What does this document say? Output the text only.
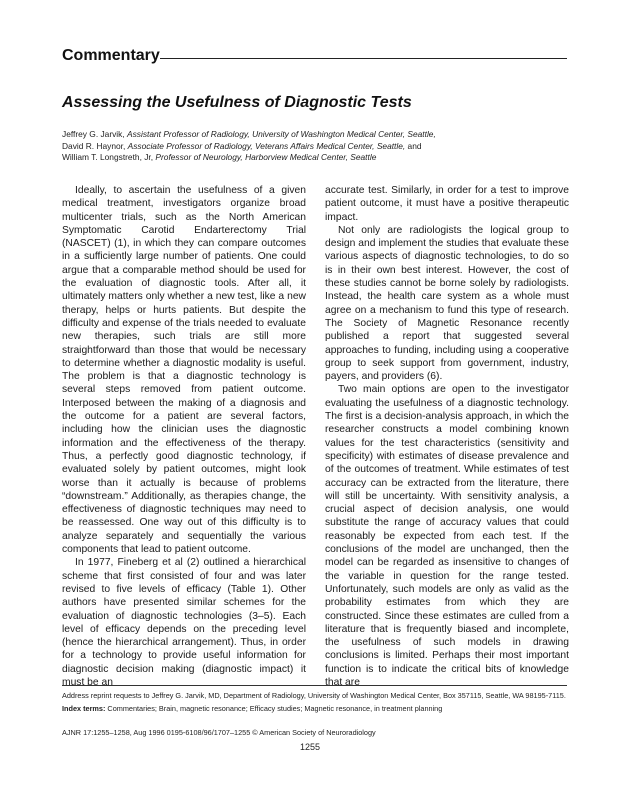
Commentary
Assessing the Usefulness of Diagnostic Tests
Jeffrey G. Jarvik, Assistant Professor of Radiology, University of Washington Medical Center, Seattle,
David R. Haynor, Associate Professor of Radiology, Veterans Affairs Medical Center, Seattle, and
William T. Longstreth, Jr, Professor of Neurology, Harborview Medical Center, Seattle

Ideally, to ascertain the usefulness of a given medical treatment, investigators organize broad multicenter trials, such as the North American Symptomatic Carotid Endarterectomy Trial (NASCET) (1), in which they can compare outcomes in a sufficiently large number of patients. One could argue that a comparable method should be used for the evaluation of diagnostic tools. After all, it ultimately matters only whether a new test, like a new therapy, helps or hurts patients. But despite the difficulty and expense of the trials needed to evaluate new therapies, such trials are still more straightforward than those that would be necessary to determine whether a diagnostic modality is useful. The problem is that a diagnostic technology is several steps removed from patient outcome. Interposed between the making of a diagnosis and the outcome for a patient are several factors, including how the clinician uses the diagnostic information and the effectiveness of the therapy. Thus, a perfectly good diagnostic technology, if evaluated solely by patient outcomes, might look worse than it actually is because of problems “downstream.” Additionally, as therapies change, the effectiveness of diagnostic techniques may need to be reassessed. One way out of this difficulty is to analyze separately and sequentially the various components that lead to patient outcome.

In 1977, Fineberg et al (2) outlined a hierarchical scheme that first consisted of four and was later revised to five levels of efficacy (Table 1). Other authors have presented similar schemes for the evaluation of diagnostic technologies (3–5). Each level of efficacy depends on the preceding level (hence the hierarchical arrangement). Thus, in order for a technology to provide useful information for diagnostic decision making (diagnostic impact) it must be an

accurate test. Similarly, in order for a test to improve patient outcome, it must have a positive therapeutic impact.

Not only are radiologists the logical group to design and implement the studies that evaluate these various aspects of diagnostic technologies, to do so is in their own best interest. However, the cost of these studies cannot be borne solely by radiologists. Instead, the health care system as a whole must agree on a mechanism to fund this type of research. The Society of Magnetic Resonance recently published a report that suggested several approaches to funding, including using a cooperative group to seek support from government, industry, payers, and providers (6).

Two main options are open to the investigator evaluating the usefulness of a diagnostic technology. The first is a decision-analysis approach, in which the researcher constructs a model combining known values for the test characteristics (sensitivity and specificity) with estimates of disease prevalence and of the outcomes of treatment. While estimates of test accuracy can be extracted from the literature, there will still be uncertainty. With sensitivity analysis, a crucial aspect of decision analysis, one would substitute the range of accuracy values that could reasonably be expected from each test. If the conclusions of the model are unchanged, then the model can be regarded as insensitive to changes of the variable in question for the range tested. Unfortunately, such models are only as valid as the probability estimates from which they are constructed. Since these estimates are culled from a literature that is frequently biased and incomplete, the usefulness of such models in drawing conclusions is limited. Perhaps their most important function is to indicate the critical bits of knowledge that are

Address reprint requests to Jeffrey G. Jarvik, MD, Department of Radiology, University of Washington Medical Center, Box 357115, Seattle, WA 98195-7115.

Index terms: Commentaries; Brain, magnetic resonance; Efficacy studies; Magnetic resonance, in treatment planning

AJNR 17:1255–1258, Aug 1996 0195-6108/96/1707–1255 © American Society of Neuroradiology
1255
